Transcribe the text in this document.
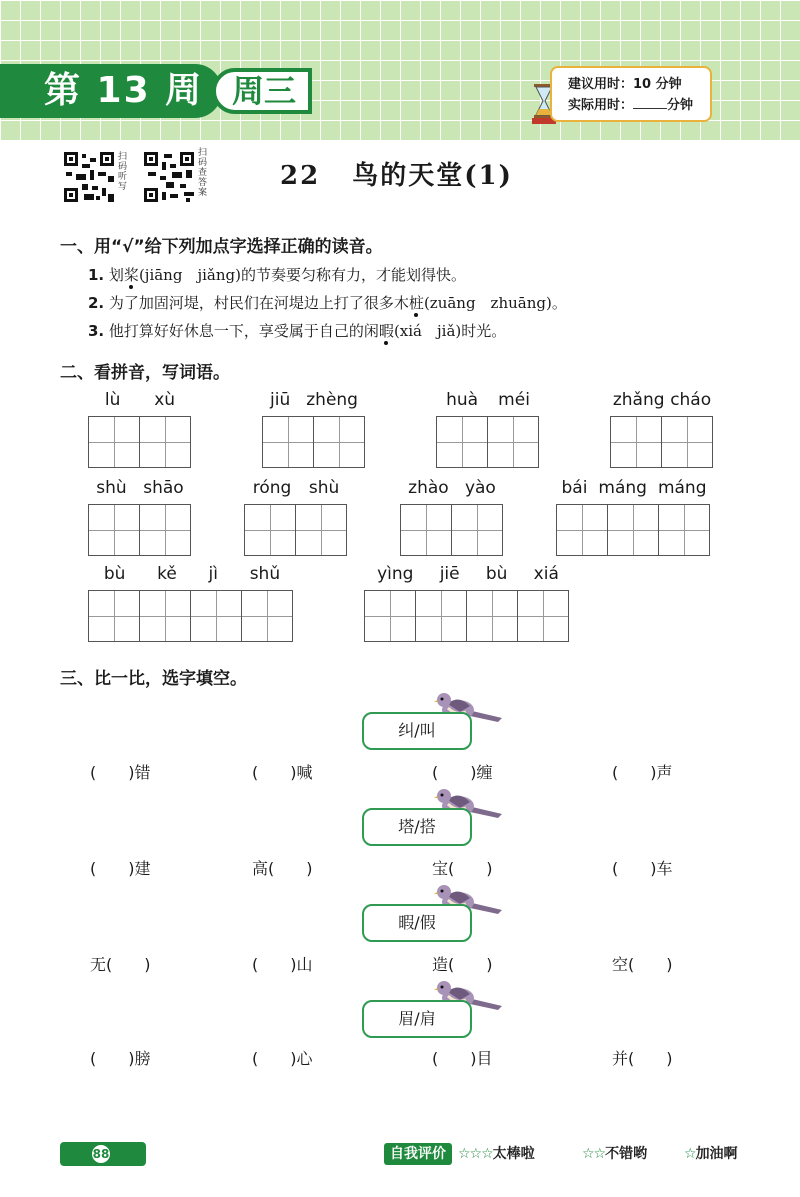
第 13 周 周三	建议用时：10 分钟
实际用时：	分钟
扫码听写
扫码查答案
22 鸟的天堂(1)
一、用“√”给下列加点字选择正确的读音。
1. 划桨(jiāng　jiǎng)的节奏要匀称有力，才能划得快。
2. 为了加固河堤，村民们在河堤边上打了很多木桩(zuāng　zhuāng)。
3. 他打算好好休息一下，享受属于自己的闲暇(xiá　jiǎ)时光。
二、看拼音，写词语。
lù xù	jiū zhèng	huà méi	zhǎng cháo
shù shāo	róng shù	zhào yào	bái máng máng
bù kě jì shǔ	yìng jiē bù xiá
三、比一比，选字填空。
纠/叫
(　　)错	(　　)喊	(　　)缠	(　　)声
塔/搭
(　　)建	高(　　)	宝(　　)	(　　)车
暇/假
无(　　)	(　　)山	造(　　)	空(　　)
眉/肩
(　　)膀	(　　)心	(　　)目	并(　　)
88	自我评价 ☆☆☆太棒啦	☆☆不错哟	☆加油啊
